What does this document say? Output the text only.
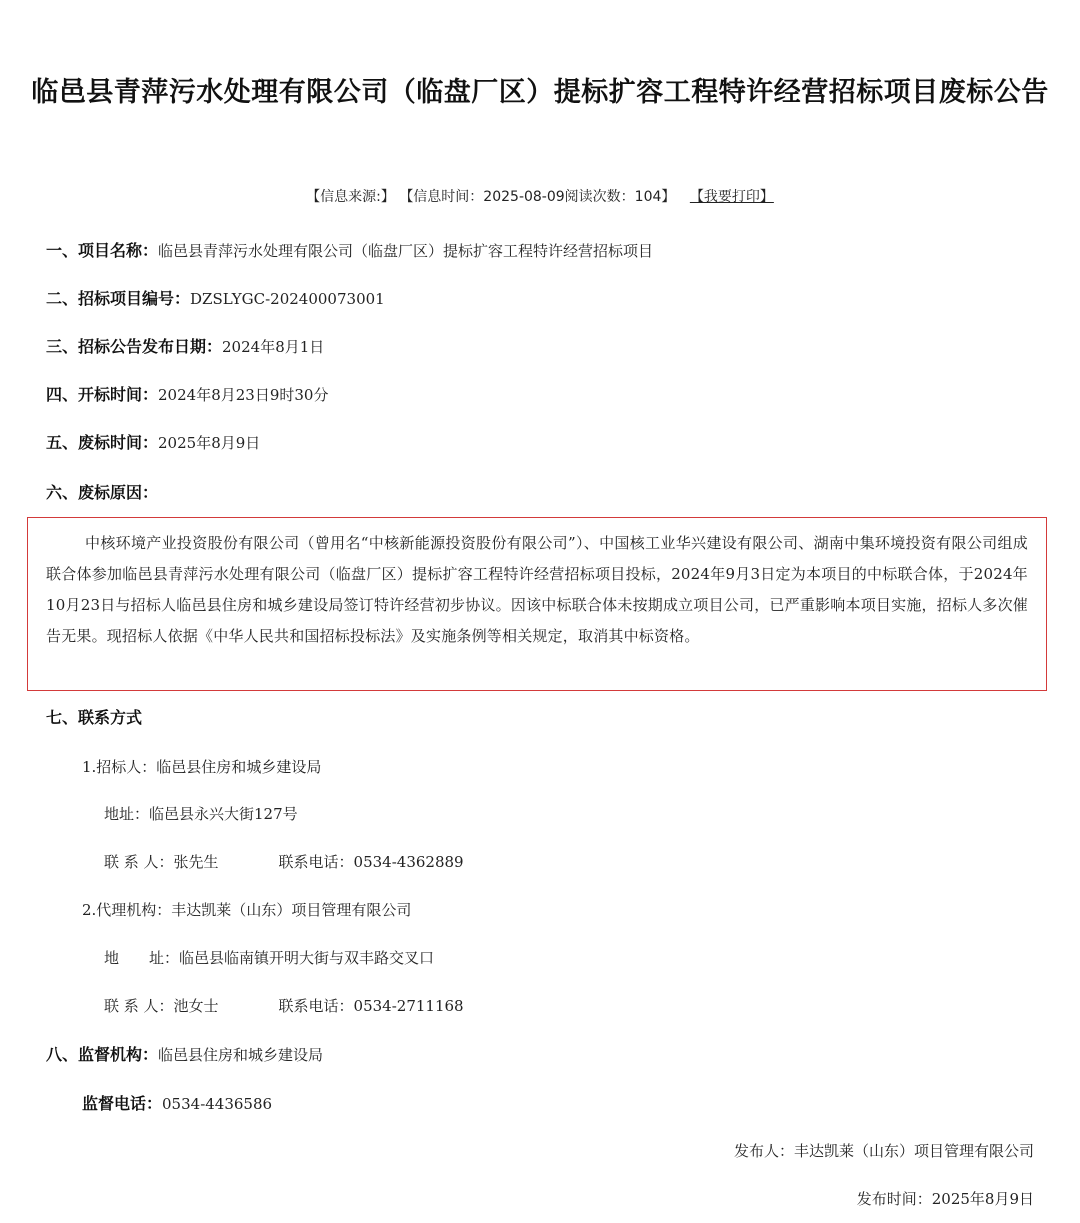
临邑县青萍污水处理有限公司（临盘厂区）提标扩容工程特许经营招标项目废标公告
【信息来源:】 【信息时间：2025-08-09阅读次数：104】 【我要打印】
一、项目名称：临邑县青萍污水处理有限公司（临盘厂区）提标扩容工程特许经营招标项目
二、招标项目编号：DZSLYGC-202400073001
三、招标公告发布日期：2024年8月1日
四、开标时间：2024年8月23日9时30分
五、废标时间：2025年8月9日
六、废标原因：
中核环境产业投资股份有限公司（曾用名“中核新能源投资股份有限公司”）、中国核工业华兴建设有限公司、湖南中集环境投资有限公司组成联合体参加临邑县青萍污水处理有限公司（临盘厂区）提标扩容工程特许经营招标项目投标，2024年9月3日定为本项目的中标联合体，于2024年10月23日与招标人临邑县住房和城乡建设局签订特许经营初步协议。因该中标联合体未按期成立项目公司，已严重影响本项目实施，招标人多次催告无果。现招标人依据《中华人民共和国招标投标法》及实施条例等相关规定，取消其中标资格。
七、联系方式
1.招标人：临邑县住房和城乡建设局
地址：临邑县永兴大街127号
联 系 人：张先生	联系电话：0534-4362889
2.代理机构：丰达凯莱（山东）项目管理有限公司
地　　址：临邑县临南镇开明大街与双丰路交叉口
联 系 人：池女士	联系电话：0534-2711168
八、监督机构：临邑县住房和城乡建设局
监督电话：0534-4436586
发布人：丰达凯莱（山东）项目管理有限公司
发布时间：2025年8月9日
